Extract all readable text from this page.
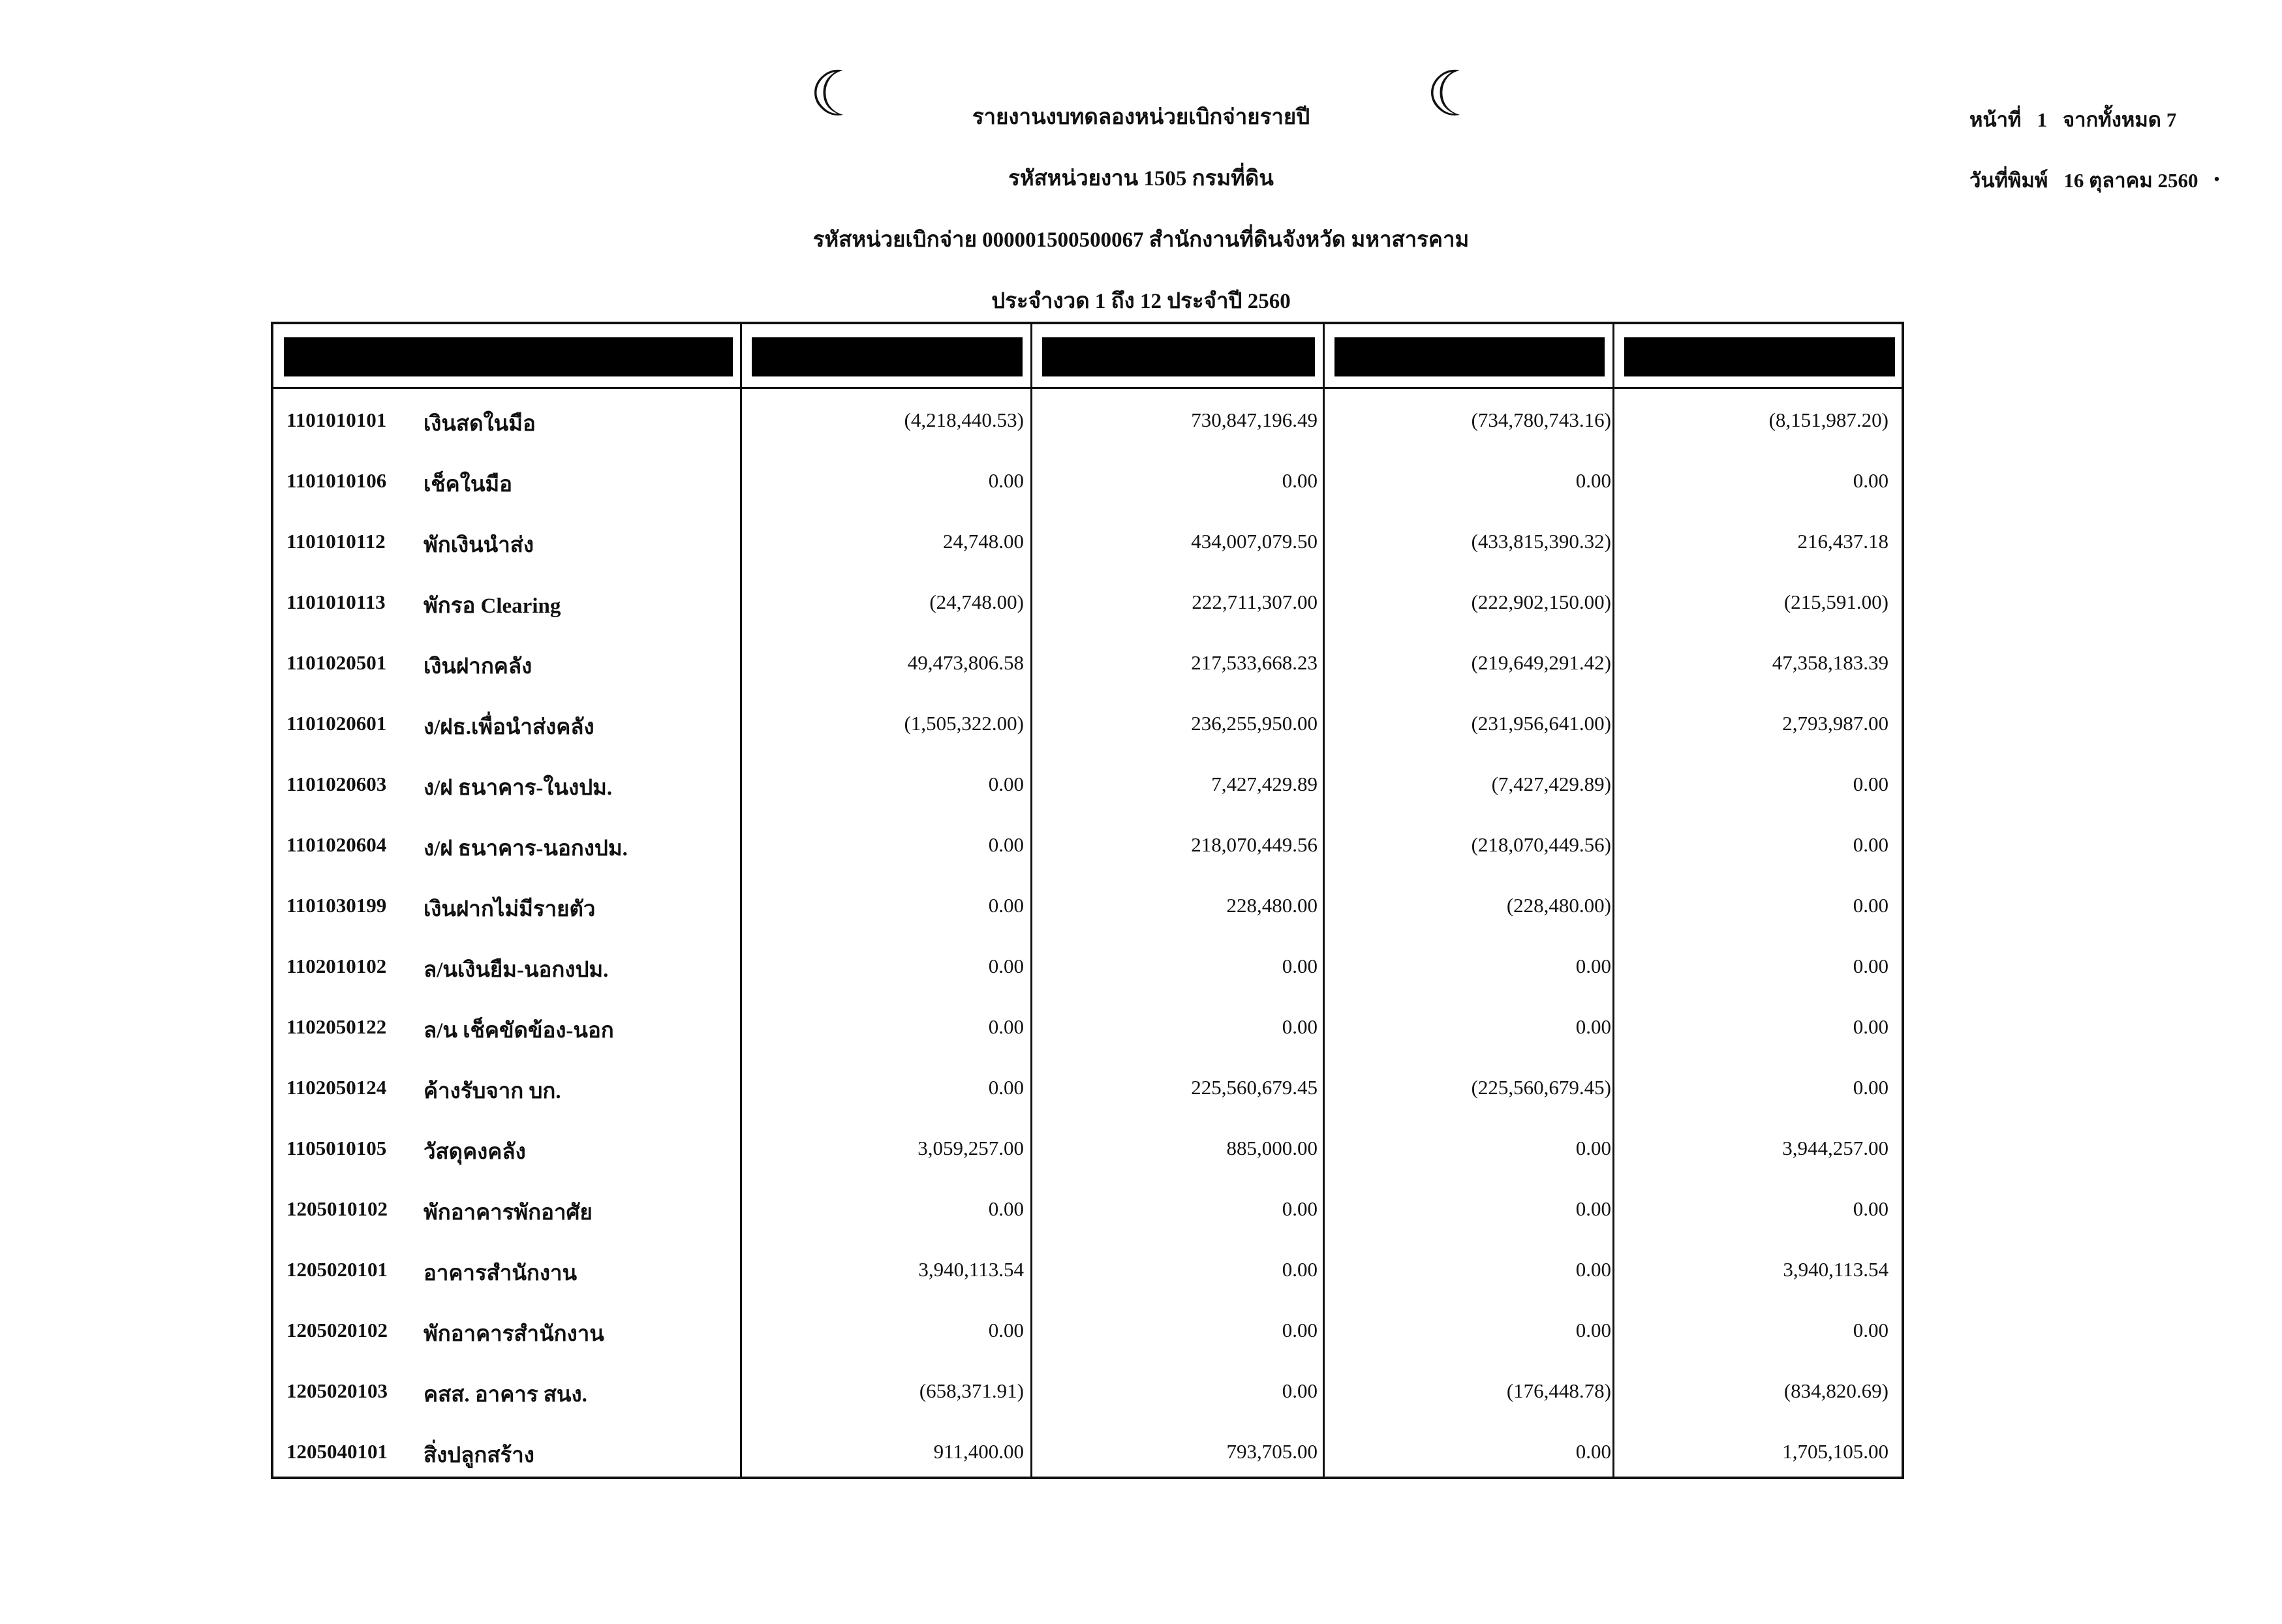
☾	☾
รายงานงบทดลองหน่วยเบิกจ่ายรายปี
รหัสหน่วยงาน 1505 กรมที่ดิน
รหัสหน่วยเบิกจ่าย 000001500500067 สำนักงานที่ดินจังหวัด มหาสารคาม
ประจำงวด 1 ถึง 12 ประจำปี 2560
หน้าที่ 1 จากทั้งหมด 7
วันที่พิมพ์ 16 ตุลาคม 2560 .
1101010101	เงินสดในมือ	(4,218,440.53)	730,847,196.49	(734,780,743.16)	(8,151,987.20)
1101010106	เช็คในมือ	0.00	0.00	0.00	0.00
1101010112	พักเงินนำส่ง	24,748.00	434,007,079.50	(433,815,390.32)	216,437.18
1101010113	พักรอ Clearing	(24,748.00)	222,711,307.00	(222,902,150.00)	(215,591.00)
1101020501	เงินฝากคลัง	49,473,806.58	217,533,668.23	(219,649,291.42)	47,358,183.39
1101020601	ง/ฝธ.เพื่อนำส่งคลัง	(1,505,322.00)	236,255,950.00	(231,956,641.00)	2,793,987.00
1101020603	ง/ฝ ธนาคาร-ในงปม.	0.00	7,427,429.89	(7,427,429.89)	0.00
1101020604	ง/ฝ ธนาคาร-นอกงปม.	0.00	218,070,449.56	(218,070,449.56)	0.00
1101030199	เงินฝากไม่มีรายตัว	0.00	228,480.00	(228,480.00)	0.00
1102010102	ล/นเงินยืม-นอกงปม.	0.00	0.00	0.00	0.00
1102050122	ล/น เช็คขัดข้อง-นอก	0.00	0.00	0.00	0.00
1102050124	ค้างรับจาก บก.	0.00	225,560,679.45	(225,560,679.45)	0.00
1105010105	วัสดุคงคลัง	3,059,257.00	885,000.00	0.00	3,944,257.00
1205010102	พักอาคารพักอาศัย	0.00	0.00	0.00	0.00
1205020101	อาคารสำนักงาน	3,940,113.54	0.00	0.00	3,940,113.54
1205020102	พักอาคารสำนักงาน	0.00	0.00	0.00	0.00
1205020103	คสส. อาคาร สนง.	(658,371.91)	0.00	(176,448.78)	(834,820.69)
1205040101	สิ่งปลูกสร้าง	911,400.00	793,705.00	0.00	1,705,105.00
